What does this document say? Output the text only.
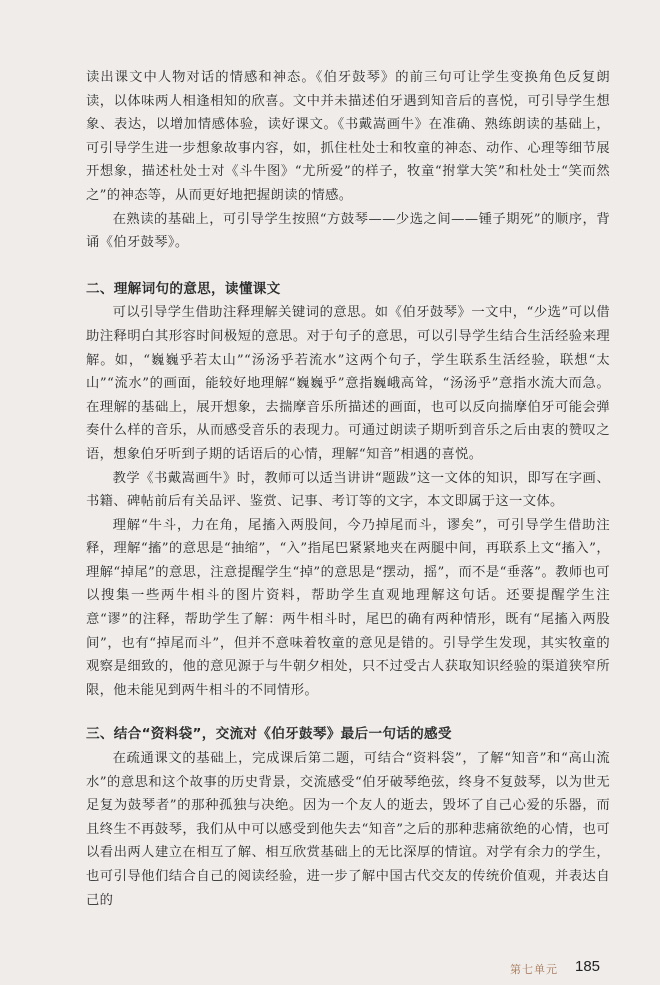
读出课文中人物对话的情感和神态。《伯牙鼓琴》的前三句可让学生变换角色反复朗读，以体味两人相逢相知的欣喜。文中并未描述伯牙遇到知音后的喜悦，可引导学生想象、表达，以增加情感体验，读好课文。《书戴嵩画牛》在准确、熟练朗读的基础上，可引导学生进一步想象故事内容，如，抓住杜处士和牧童的神态、动作、心理等细节展开想象，描述杜处士对《斗牛图》“尤所爱”的样子，牧童“拊掌大笑”和杜处士“笑而然之”的神态等，从而更好地把握朗读的情感。

在熟读的基础上，可引导学生按照“方鼓琴——少选之间——锺子期死”的顺序，背诵《伯牙鼓琴》。

二、理解词句的意思，读懂课文

可以引导学生借助注释理解关键词的意思。如《伯牙鼓琴》一文中，“少选”可以借助注释明白其形容时间极短的意思。对于句子的意思，可以引导学生结合生活经验来理解。如，“巍巍乎若太山”“汤汤乎若流水”这两个句子，学生联系生活经验，联想“太山”“流水”的画面，能较好地理解“巍巍乎”意指巍峨高耸，“汤汤乎”意指水流大而急。在理解的基础上，展开想象，去揣摩音乐所描述的画面，也可以反向揣摩伯牙可能会弹奏什么样的音乐，从而感受音乐的表现力。可通过朗读子期听到音乐之后由衷的赞叹之语，想象伯牙听到子期的话语后的心情，理解“知音”相遇的喜悦。

教学《书戴嵩画牛》时，教师可以适当讲讲“题跋”这一文体的知识，即写在字画、书籍、碑帖前后有关品评、鉴赏、记事、考订等的文字，本文即属于这一文体。

理解“牛斗，力在角，尾搐入两股间，今乃掉尾而斗，谬矣”，可引导学生借助注释，理解“搐”的意思是“抽缩”，“入”指尾巴紧紧地夹在两腿中间，再联系上文“搐入”，理解“掉尾”的意思，注意提醒学生“掉”的意思是“摆动，摇”，而不是“垂落”。教师也可以搜集一些两牛相斗的图片资料，帮助学生直观地理解这句话。还要提醒学生注意“谬”的注释，帮助学生了解：两牛相斗时，尾巴的确有两种情形，既有“尾搐入两股间”，也有“掉尾而斗”，但并不意味着牧童的意见是错的。引导学生发现，其实牧童的观察是细致的，他的意见源于与牛朝夕相处，只不过受古人获取知识经验的渠道狭窄所限，他未能见到两牛相斗的不同情形。

三、结合“资料袋”，交流对《伯牙鼓琴》最后一句话的感受

在疏通课文的基础上，完成课后第二题，可结合“资料袋”，了解“知音”和“高山流水”的意思和这个故事的历史背景，交流感受“伯牙破琴绝弦，终身不复鼓琴，以为世无足复为鼓琴者”的那种孤独与决绝。因为一个友人的逝去，毁坏了自己心爱的乐器，而且终生不再鼓琴，我们从中可以感受到他失去“知音”之后的那种悲痛欲绝的心情，也可以看出两人建立在相互了解、相互欣赏基础上的无比深厚的情谊。对学有余力的学生，也可引导他们结合自己的阅读经验，进一步了解中国古代交友的传统价值观，并表达自己的

第七单元 185
